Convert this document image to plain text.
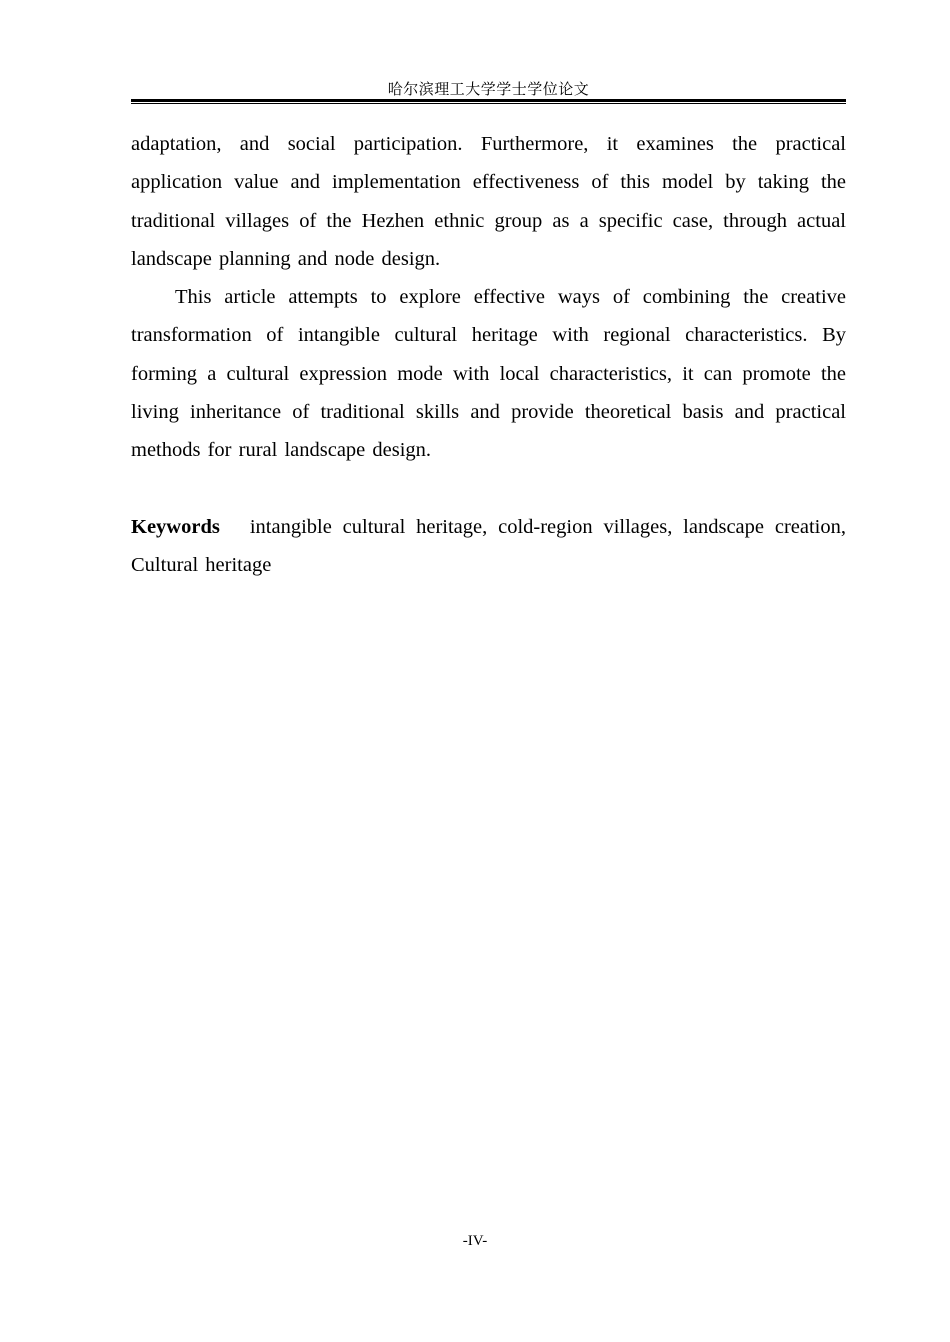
哈尔滨理工大学学士学位论文

adaptation, and social participation. Furthermore, it examines the practical application value and implementation effectiveness of this model by taking the traditional villages of the Hezhen ethnic group as a specific case, through actual landscape planning and node design.

This article attempts to explore effective ways of combining the creative transformation of intangible cultural heritage with regional characteristics. By forming a cultural expression mode with local characteristics, it can promote the living inheritance of traditional skills and provide theoretical basis and practical methods for rural landscape design.

Keywords intangible cultural heritage, cold-region villages, landscape creation, Cultural heritage

-IV-
